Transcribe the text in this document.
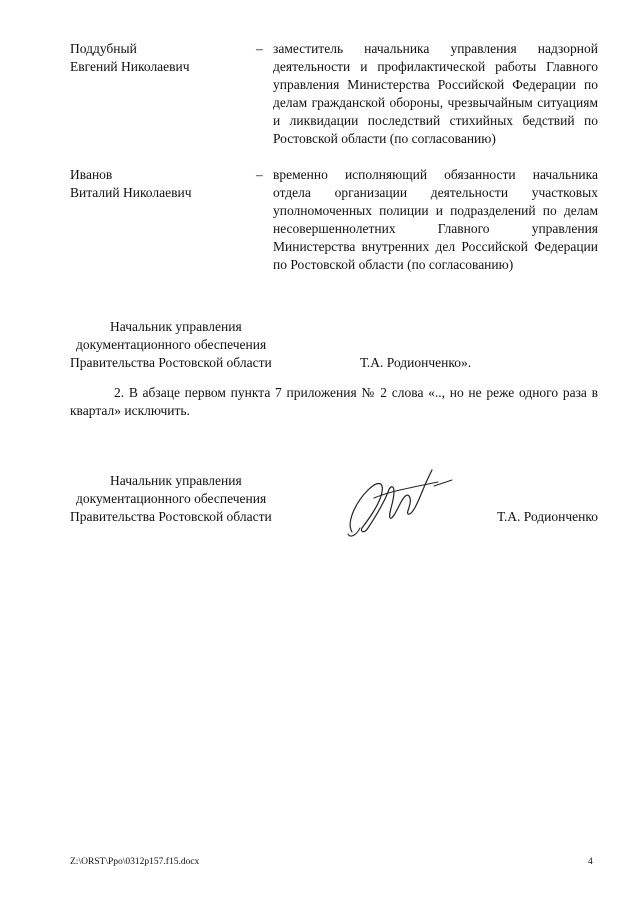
Поддубный
Евгений Николаевич
– заместитель начальника управления надзорной деятельности и профилактической работы Главного управления Министерства Российской Федерации по делам гражданской обороны, чрезвычайным ситуациям и ликвидации последствий стихийных бедствий по Ростовской области (по согласованию)
Иванов
Виталий Николаевич
– временно исполняющий обязанности начальника отдела организации деятельности участковых уполномоченных полиции и подразделений по делам несовершеннолетних Главного управления Министерства внутренних дел Российской Федерации по Ростовской области (по согласованию)
Начальник управления
документационного обеспечения
Правительства Ростовской области	Т.А. Родионченко».
2. В абзаце первом пункта 7 приложения № 2 слова «.., но не реже одного раза в квартал» исключить.
Начальник управления
документационного обеспечения
Правительства Ростовской области	Т.А. Родионченко
Z:\ORST\Ppo\0312p157.f15.docx	4
